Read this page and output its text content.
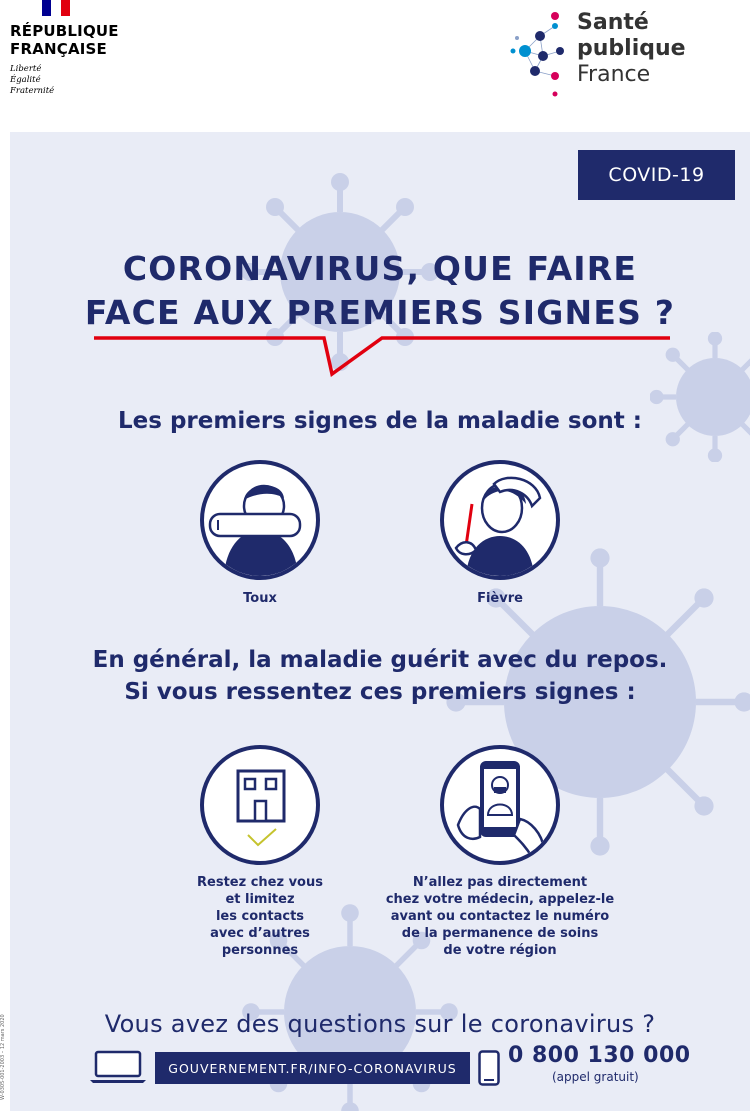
RÉPUBLIQUE
FRANÇAISE
Liberté
Égalité
Fraternité
Santé
publique
France
COVID-19
CORONAVIRUS, QUE FAIRE
FACE AUX PREMIERS SIGNES ?
Les premiers signes de la maladie sont :
Toux	Fièvre
En général, la maladie guérit avec du repos.
Si vous ressentez ces premiers signes :
Restez chez vous
et limitez
les contacts
avec d’autres
personnes
N’allez pas directement
chez votre médecin, appelez-le
avant ou contactez le numéro
de la permanence de soins
de votre région
Vous avez des questions sur le coronavirus ?
GOUVERNEMENT.FR/INFO-CORONAVIRUS	0 800 130 000
(appel gratuit)
W-0305-001-2003 – 12 mars 2020
